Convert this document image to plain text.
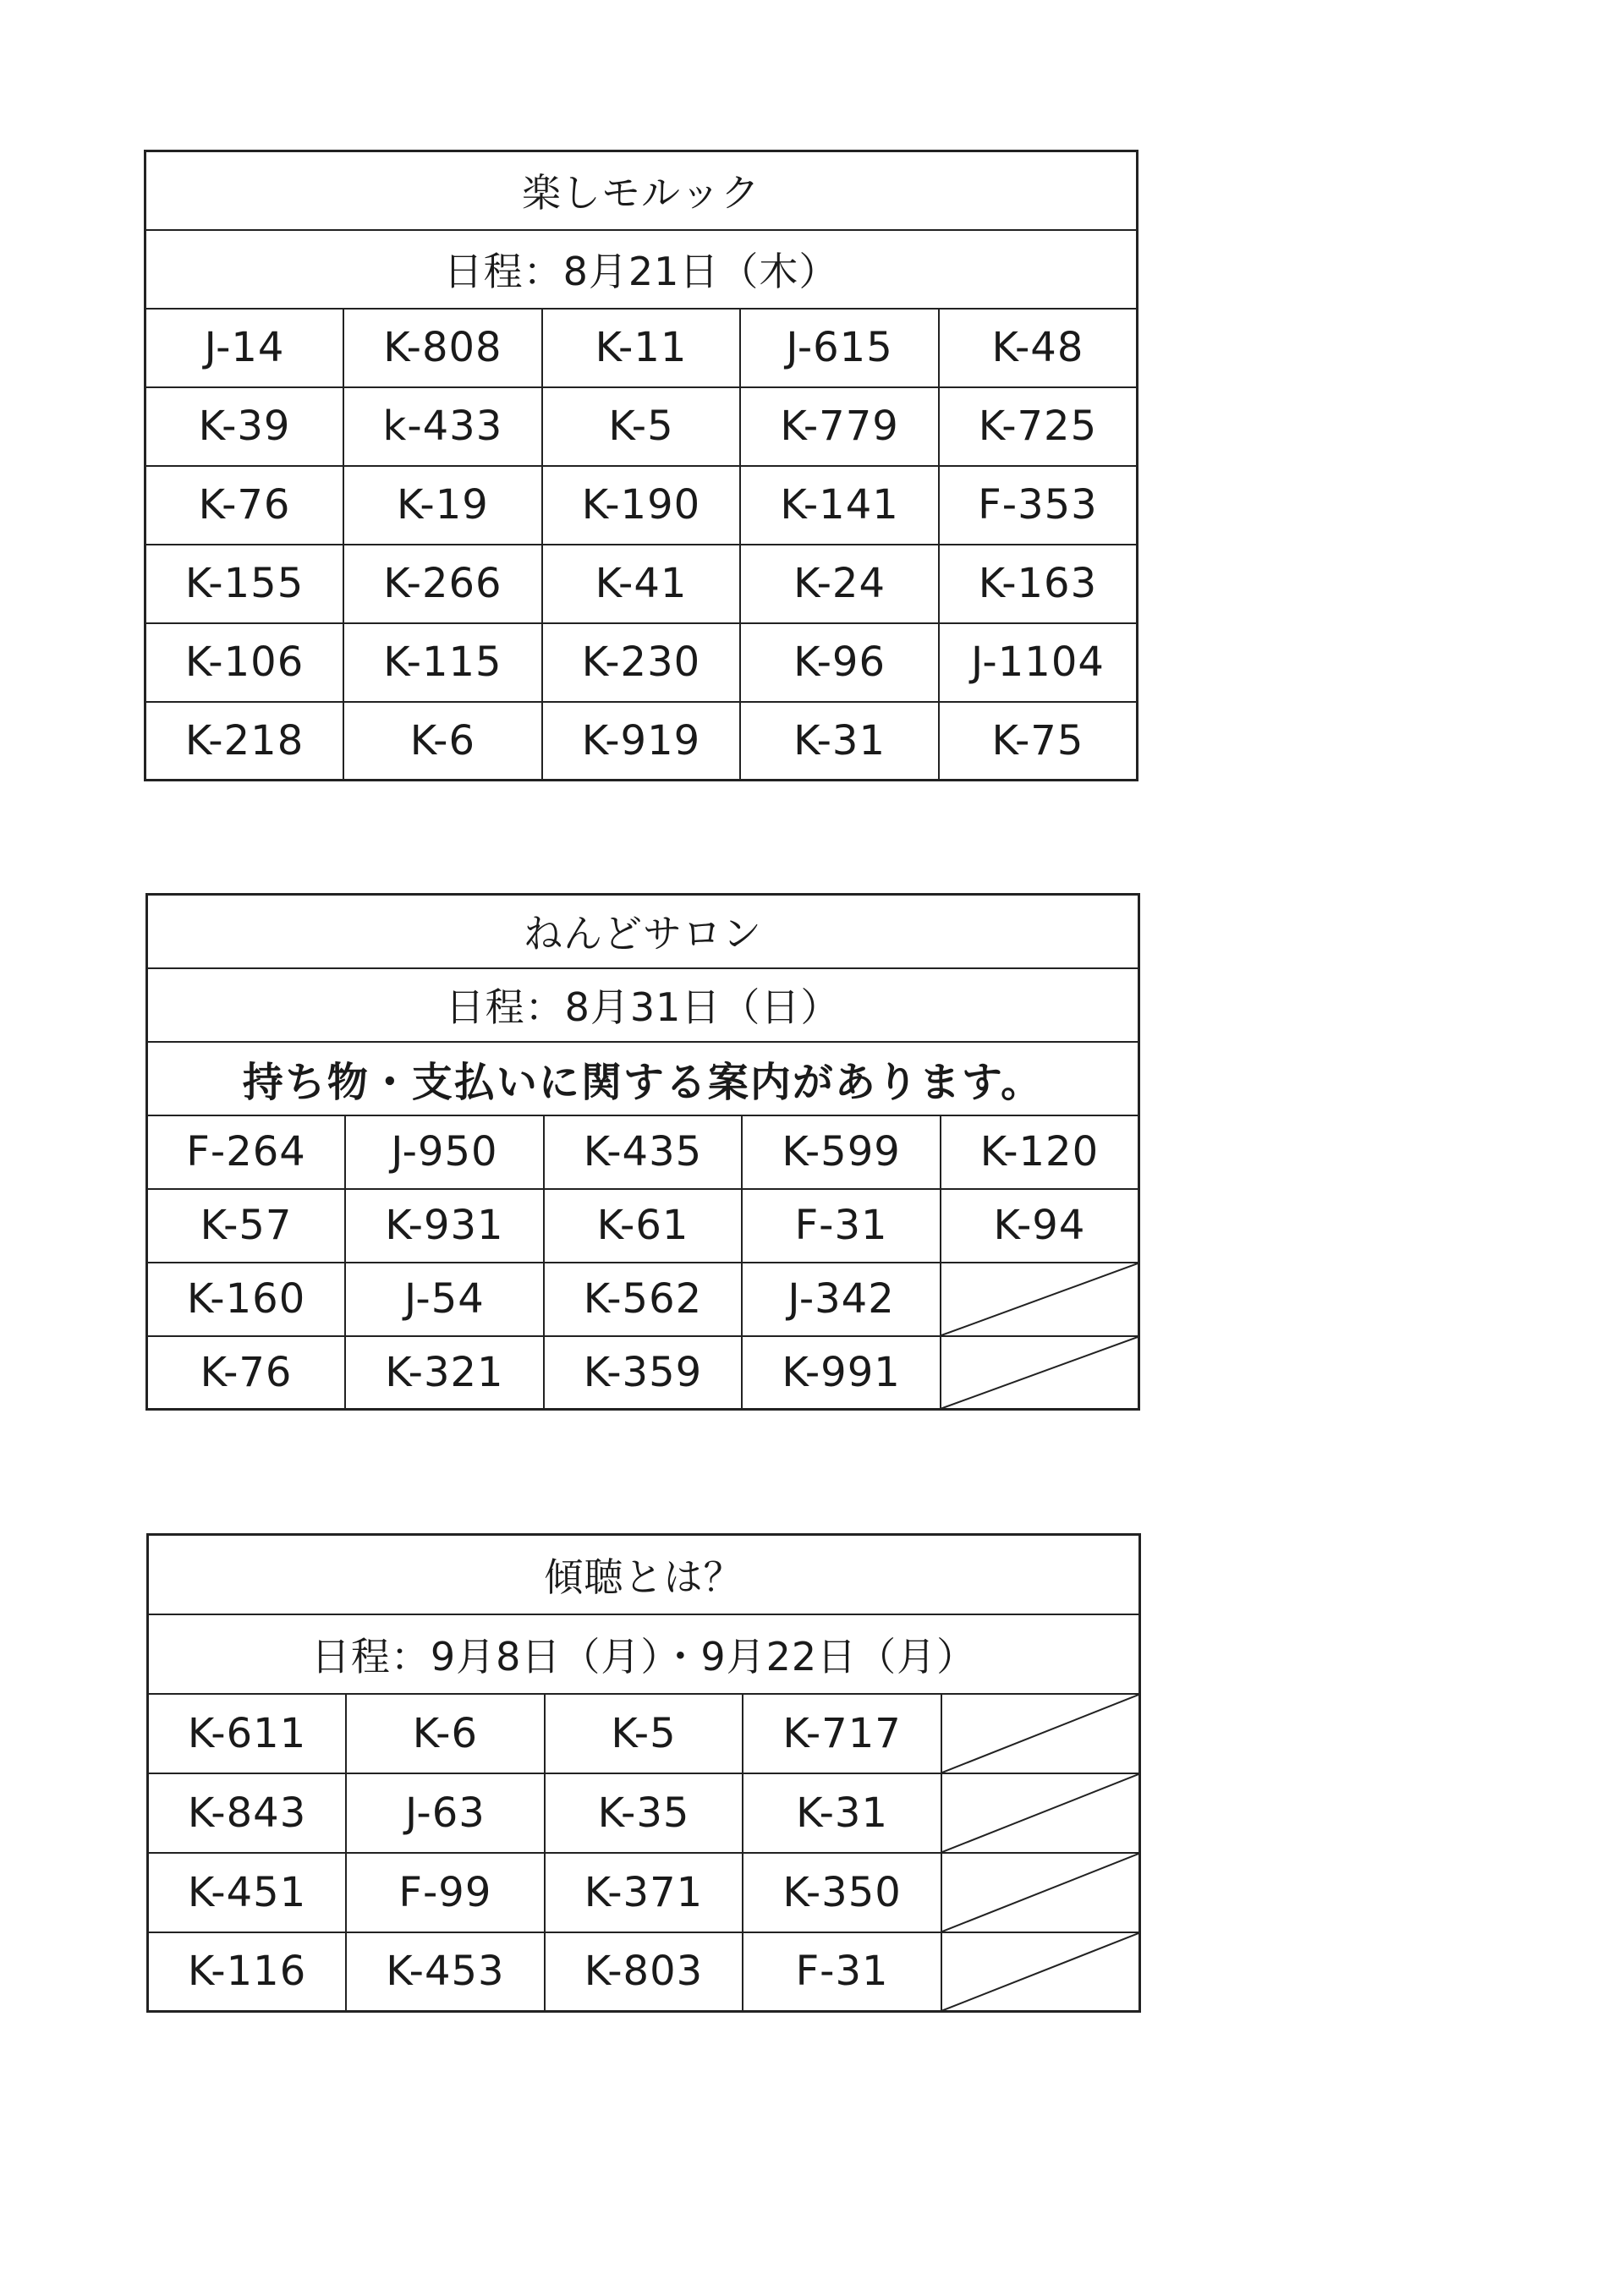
楽しモルック				
日程：8月21日（木）				
J-14	K-808	K-11	J-615	K-48
K-39	k-433	K-5	K-779	K-725
K-76	K-19	K-190	K-141	F-353
K-155	K-266	K-41	K-24	K-163
K-106	K-115	K-230	K-96	J-1104
K-218	K-6	K-919	K-31	K-75
ねんどサロン				
日程：8月31日（日）				
持ち物・支払いに関する案内があります。				
F-264	J-950	K-435	K-599	K-120
K-57	K-931	K-61	F-31	K-94
K-160	J-54	K-562	J-342	

K-76	K-321	K-359	K-991	
傾聴とは？				
日程：9月8日（月）・9月22日（月）				
K-611	K-6	K-5	K-717	

K-843	J-63	K-35	K-31	

K-451	F-99	K-371	K-350	

K-116	K-453	K-803	F-31	
